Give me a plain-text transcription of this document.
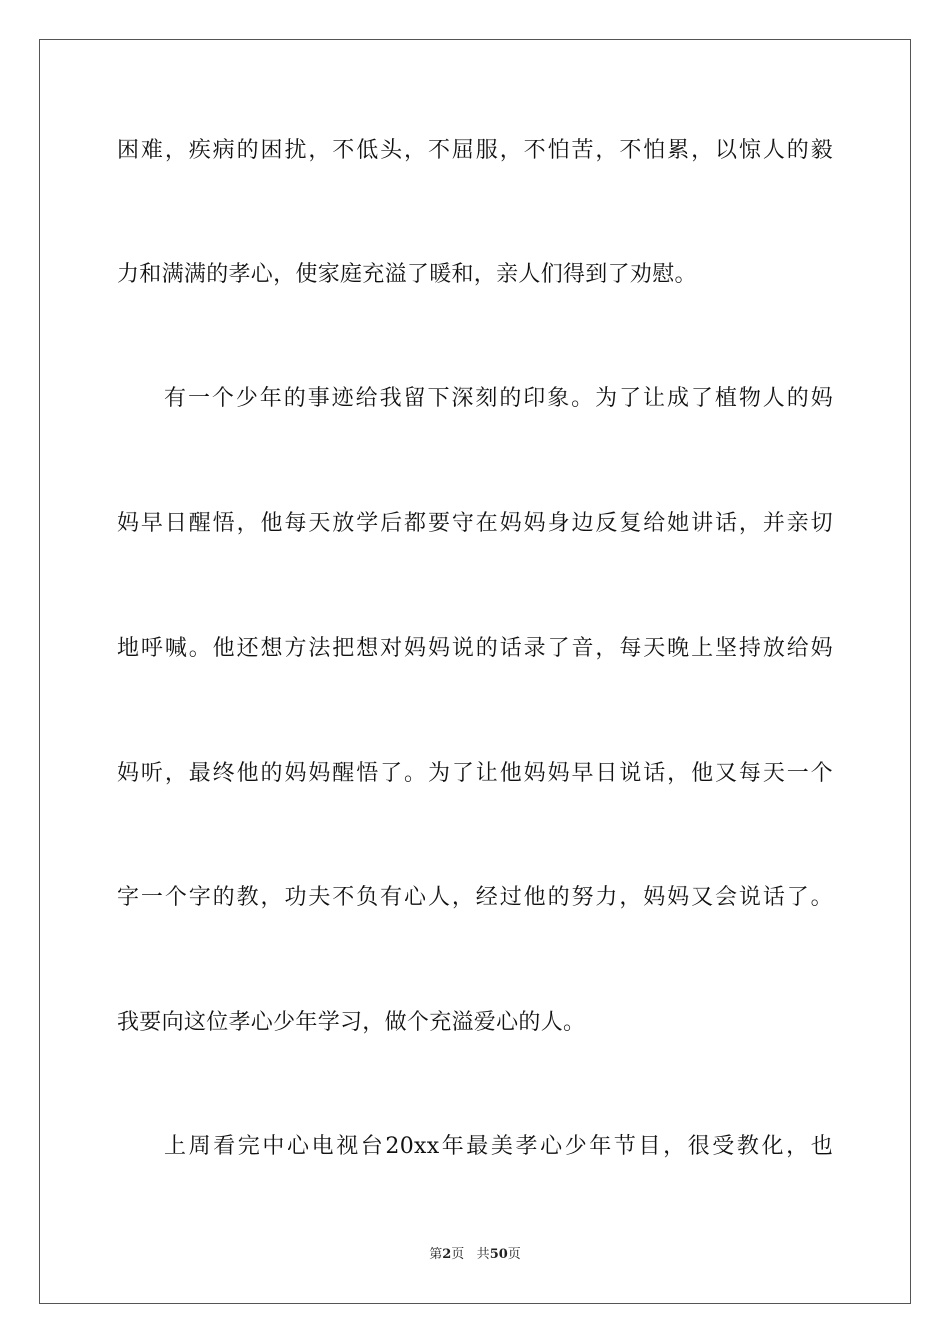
困难，疾病的困扰，不低头，不屈服，不怕苦，不怕累，以惊人的毅
力和满满的孝心，使家庭充溢了暖和，亲人们得到了劝慰。
有一个少年的事迹给我留下深刻的印象。为了让成了植物人的妈
妈早日醒悟，他每天放学后都要守在妈妈身边反复给她讲话，并亲切
地呼喊。他还想方法把想对妈妈说的话录了音，每天晚上坚持放给妈
妈听，最终他的妈妈醒悟了。为了让他妈妈早日说话，他又每天一个
字一个字的教，功夫不负有心人，经过他的努力，妈妈又会说话了。
我要向这位孝心少年学习，做个充溢爱心的人。
上周看完中心电视台20xx年最美孝心少年节目，很受教化，也
第2页 共50页
